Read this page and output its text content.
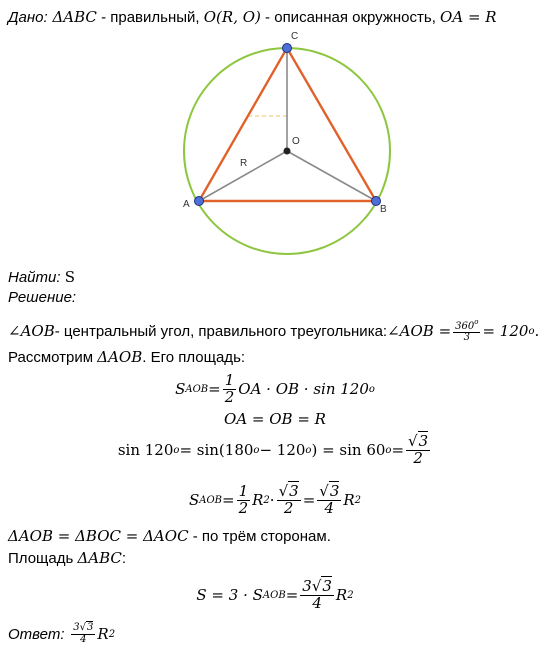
Дано: ΔABC - правильный, O(R, O) - описанная окружность, OA = R
A	B
C
O
R
Найти: S
Решение:
∠AOB - центральный угол, правильного треугольника: ∠AOB = $\frac{360^o}{3} = 120$ o .
Рассмотрим ΔAOB. Его площадь:
S AOB = $\frac{1}{2}$ OA · OB · sin 120 o
OA = OB = R
sin 120 o = sin(180 o − 120 o ) = sin 60 $o = \frac{√3}{2}$
S AOB = $\frac{1}{2}$ R $2 \cdot \frac{√3}{2} = \frac{√3}{4}$ R 2
ΔAOB = ΔBOC = ΔAOC - по трём сторонам.
Площадь ΔABC:
S = 3 · S AOB = $\frac{3√3}{4}$ R 2
Ответ:
$\frac{3√3}{4}$ R 2
